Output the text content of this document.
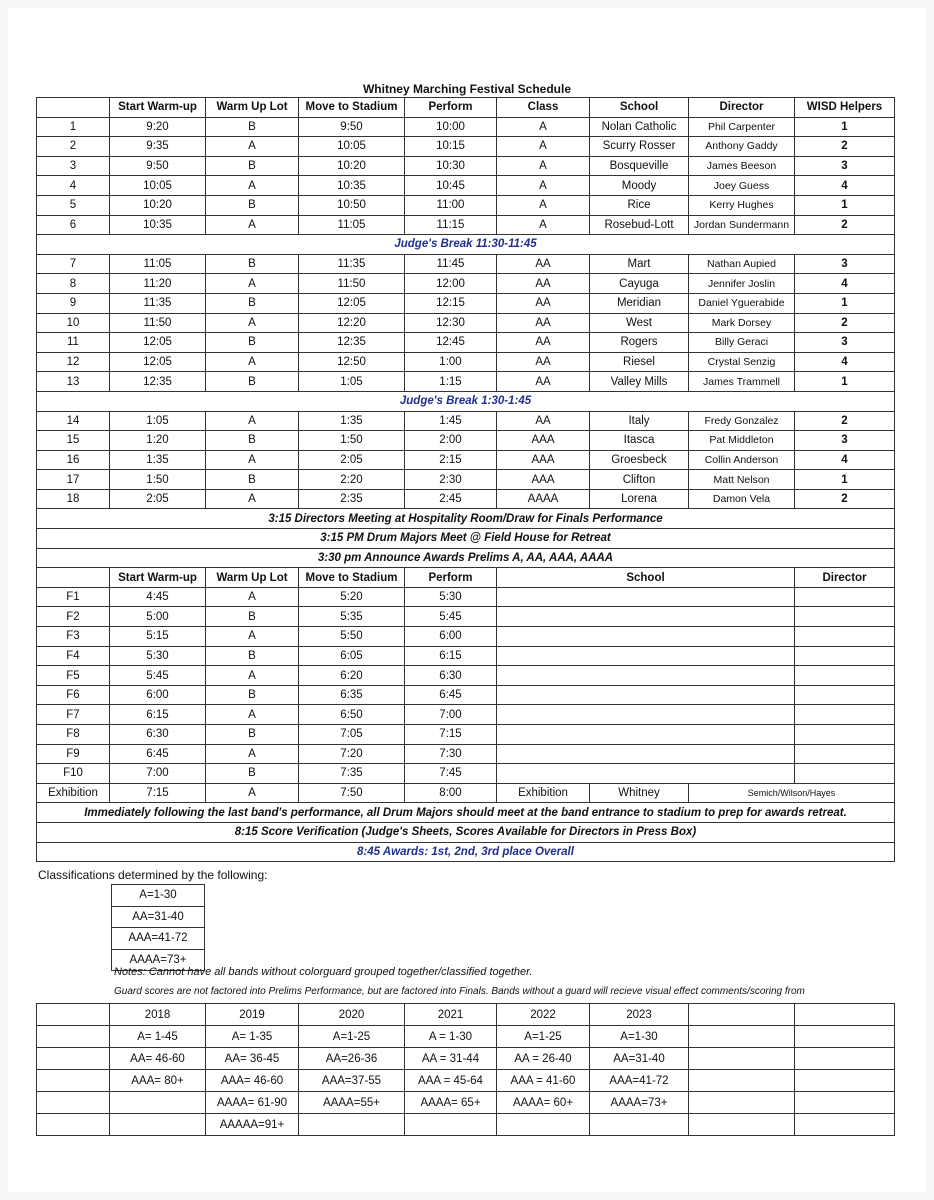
Whitney Marching Festival Schedule
	Start Warm-up	Warm Up Lot	Move to Stadium	Perform	Class	School	Director	WISD Helpers	
1	9:20	B	9:50	10:00	A	Nolan Catholic	Phil Carpenter	1	
2	9:35	A	10:05	10:15	A	Scurry Rosser	Anthony Gaddy	2	
3	9:50	B	10:20	10:30	A	Bosqueville	James Beeson	3	
4	10:05	A	10:35	10:45	A	Moody	Joey Guess	4	
5	10:20	B	10:50	11:00	A	Rice	Kerry Hughes	1	
6	10:35	A	11:05	11:15	A	Rosebud-Lott	Jordan Sundermann	2	
Judge's Break 11:30-11:45									
7	11:05	B	11:35	11:45	AA	Mart	Nathan Aupied	3	
8	11:20	A	11:50	12:00	AA	Cayuga	Jennifer Joslin	4	
9	11:35	B	12:05	12:15	AA	Meridian	Daniel Yguerabide	1	
10	11:50	A	12:20	12:30	AA	West	Mark Dorsey	2	
11	12:05	B	12:35	12:45	AA	Rogers	Billy Geraci	3	
12	12:05	A	12:50	1:00	AA	Riesel	Crystal Senzig	4	
13	12:35	B	1:05	1:15	AA	Valley Mills	James Trammell	1	
Judge's Break 1:30-1:45									
14	1:05	A	1:35	1:45	AA	Italy	Fredy Gonzalez	2	
15	1:20	B	1:50	2:00	AAA	Itasca	Pat Middleton	3	
16	1:35	A	2:05	2:15	AAA	Groesbeck	Collin Anderson	4	
17	1:50	B	2:20	2:30	AAA	Clifton	Matt Nelson	1	
18	2:05	A	2:35	2:45	AAAA	Lorena	Damon Vela	2	
3:15 Directors Meeting at Hospitality Room/Draw for Finals Performance									
3:15 PM Drum Majors Meet @ Field House for Retreat									
3:30 pm Announce Awards Prelims A, AA, AAA, AAAA									
	Start Warm-up	Warm Up Lot	Move to Stadium	Perform	School			Director	
F1	4:45	A	5:20	5:30			
F2	5:00	B	5:35	5:45			
F3	5:15	A	5:50	6:00			
F4	5:30	B	6:05	6:15			
F5	5:45	A	6:20	6:30			
F6	6:00	B	6:35	6:45			
F7	6:15	A	6:50	7:00			
F8	6:30	B	7:05	7:15			
F9	6:45	A	7:20	7:30			
F10	7:00	B	7:35	7:45			
Exhibition	7:15	A	7:50	8:00	Exhibition	Whitney	Semich/Wilson/Hayes		
Immediately following the last band's performance, all Drum Majors should meet at the band entrance to stadium to prep for awards retreat.									
8:15 Score Verification (Judge's Sheets, Scores Available for Directors in Press Box)									
8:45 Awards: 1st, 2nd, 3rd place Overall									
Classifications determined by the following:
A=1-30
AA=31-40
AAA=41-72
AAAA=73+
Notes: Cannot have all bands without colorguard grouped together/classified together.
Guard scores are not factored into Prelims Performance, but are factored into Finals. Bands without a guard will recieve visual effect comments/scoring from
	2018	2019	2020	2021	2022	2023		
	A= 1-45	A= 1-35	A=1-25	A = 1-30	A=1-25	A=1-30		
	AA= 46-60	AA= 36-45	AA=26-36	AA = 31-44	AA = 26-40	AA=31-40		
	AAA= 80+	AAA= 46-60	AAA=37-55	AAA = 45-64	AAA = 41-60	AAA=41-72		
		AAAA= 61-90	AAAA=55+	AAAA= 65+	AAAA= 60+	AAAA=73+		
		AAAAA=91+						
